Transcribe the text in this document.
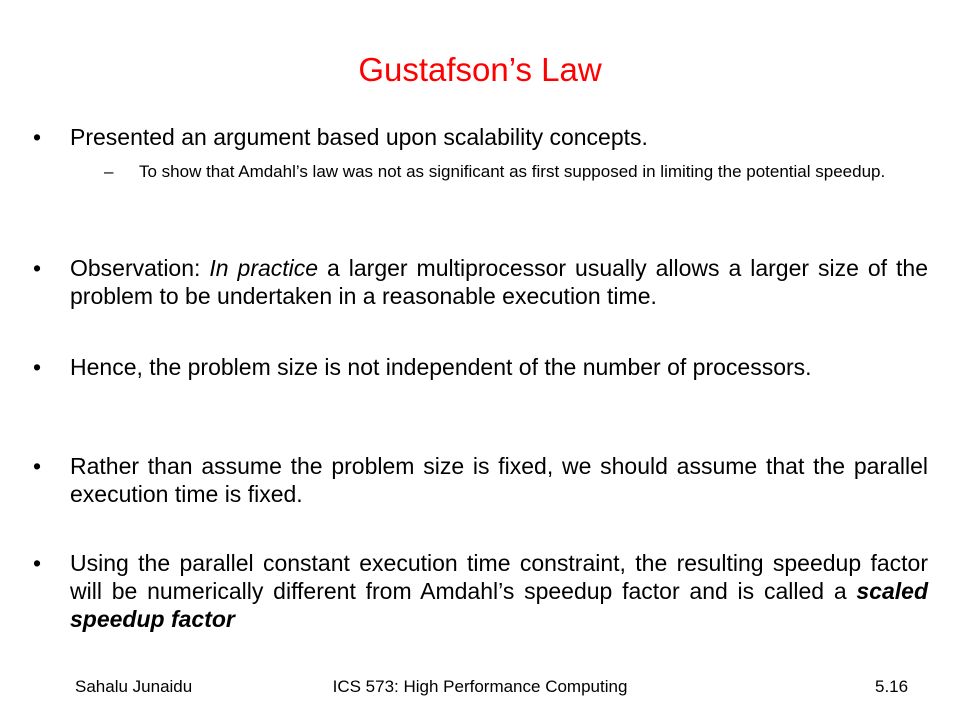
Gustafson’s Law
• Presented an argument based upon scalability concepts.
– To show that Amdahl’s law was not as significant as first supposed in limiting the potential speedup.
• Observation: In practice a larger multiprocessor usually allows a larger size of the problem to be undertaken in a reasonable execution time.
• Hence, the problem size is not independent of the number of processors.
• Rather than assume the problem size is fixed, we should assume that the parallel execution time is fixed.
• Using the parallel constant execution time constraint, the resulting speedup factor will be numerically different from Amdahl’s speedup factor and is called a scaled speedup factor
ICS 573: High Performance Computing
Sahalu Junaidu	5.16
